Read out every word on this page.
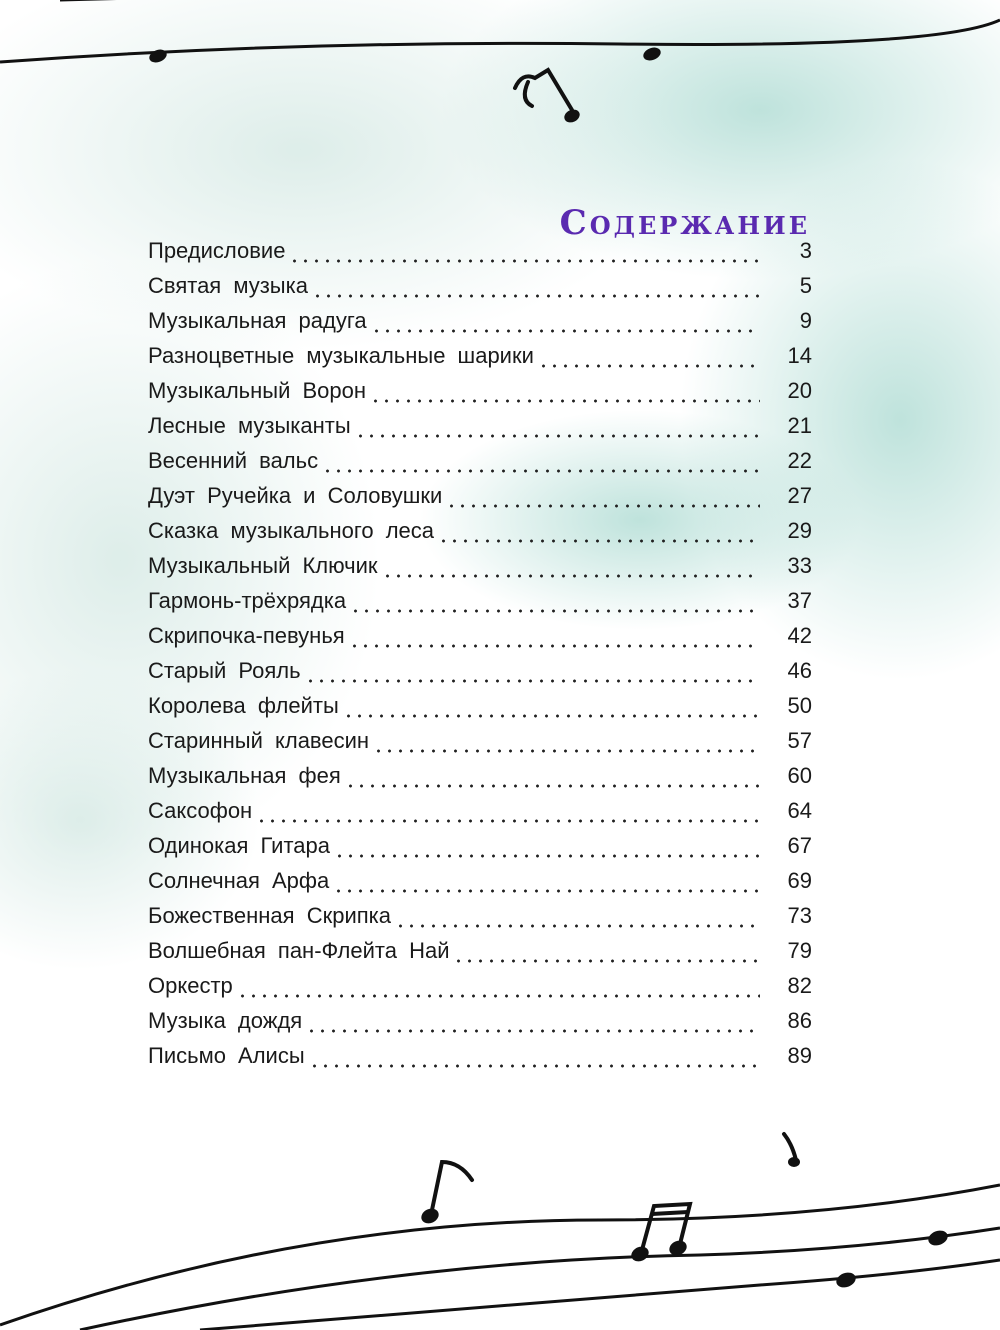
Содержание
Предисловие	3
Святая музыка	5
Музыкальная радуга	9
Разноцветные музыкальные шарики	14
Музыкальный Ворон	20
Лесные музыканты	21
Весенний вальс	22
Дуэт Ручейка и Соловушки	27
Сказка музыкального леса	29
Музыкальный Ключик	33
Гармонь-трёхрядка	37
Скрипочка-певунья	42
Старый Рояль	46
Королева флейты	50
Старинный клавесин	57
Музыкальная фея	60
Саксофон	64
Одинокая Гитара	67
Солнечная Арфа	69
Божественная Скрипка	73
Волшебная пан-Флейта Най	79
Оркестр	82
Музыка дождя	86
Письмо Алисы	89
